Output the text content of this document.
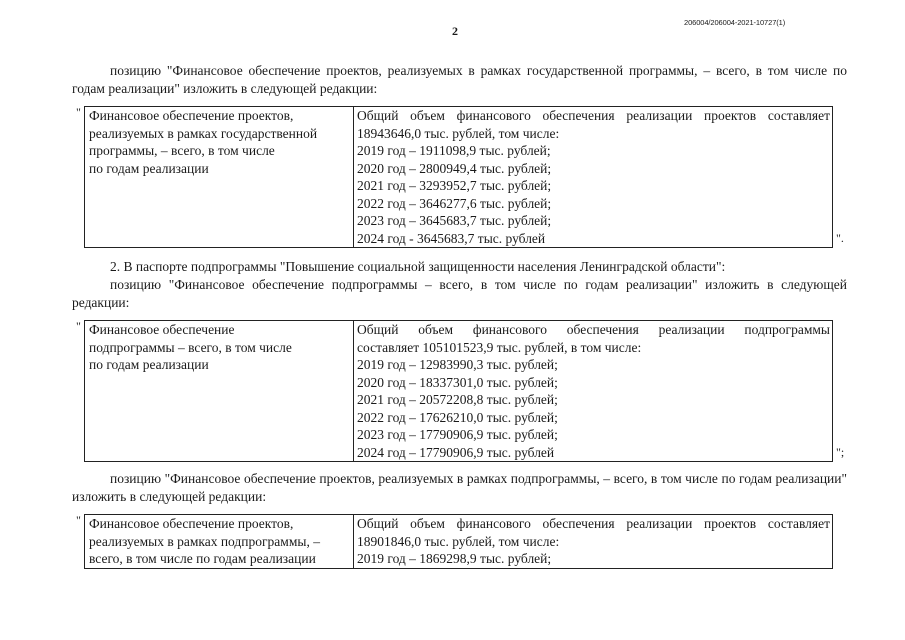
2
206004/206004-2021-10727(1)
позицию "Финансовое обеспечение проектов, реализуемых в рамках государственной программы, – всего, в том числе по годам реализации" изложить в следующей редакции:
" Финансовое обеспечение проектов,
реализуемых в рамках государственной
программы, – всего, в том числе
по годам реализации

Общий объем финансового обеспечения реализации проектов составляет
18943646,0 тыс. рублей, том числе:
2019 год – 1911098,9 тыс. рублей;
2020 год – 2800949,4 тыс. рублей;
2021 год – 3293952,7 тыс. рублей;
2022 год – 3646277,6 тыс. рублей;
2023 год – 3645683,7 тыс. рублей;
2024 год - 3645683,7 тыс. рублей	".
2. В паспорте подпрограммы "Повышение социальной защищенности населения Ленинградской области":
позицию "Финансовое обеспечение подпрограммы – всего, в том числе по годам реализации" изложить в следующей редакции:
" Финансовое обеспечение
подпрограммы – всего, в том числе
по годам реализации

Общий объем финансового обеспечения реализации подпрограммы
составляет 105101523,9 тыс. рублей, в том числе:
2019 год – 12983990,3 тыс. рублей;
2020 год – 18337301,0 тыс. рублей;
2021 год – 20572208,8 тыс. рублей;
2022 год – 17626210,0 тыс. рублей;
2023 год – 17790906,9 тыс. рублей;
2024 год – 17790906,9 тыс. рублей	";
позицию "Финансовое обеспечение проектов, реализуемых в рамках подпрограммы, – всего, в том числе по годам реализации" изложить в следующей редакции:
" Финансовое обеспечение проектов,
реализуемых в рамках подпрограммы, –
всего, в том числе по годам реализации

Общий объем финансового обеспечения реализации проектов составляет
18901846,0 тыс. рублей, том числе:
2019 год – 1869298,9 тыс. рублей;
